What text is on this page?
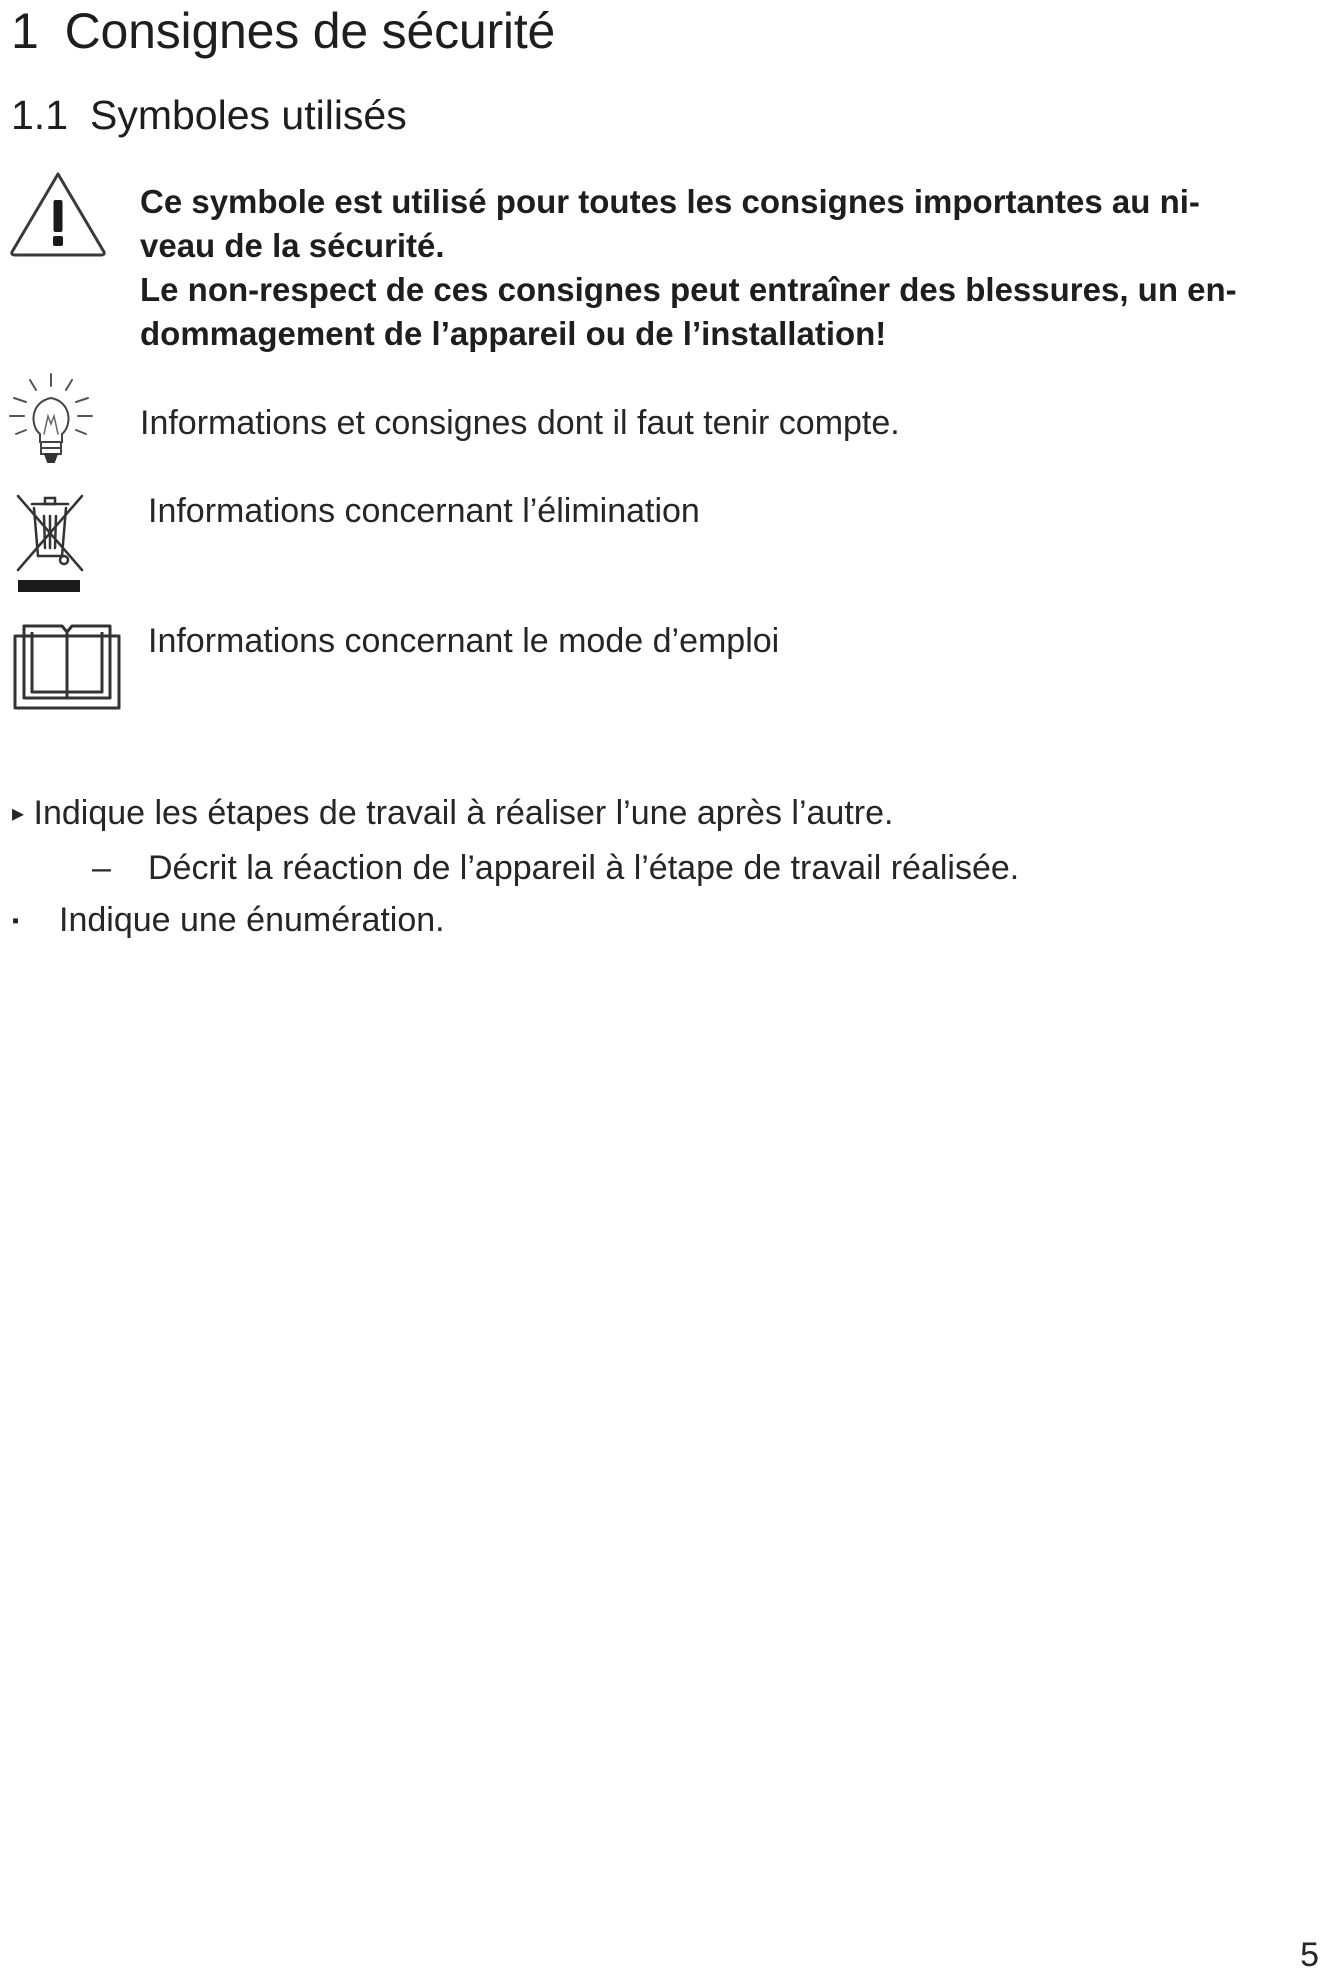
1 Consignes de sécurité
1.1 Symboles utilisés

Ce symbole est utilisé pour toutes les consignes importantes au ni-

veau de la sécurité.

Le non-respect de ces consignes peut entraîner des blessures, un en-

dommagement de l’appareil ou de l’installation!

Informations et consignes dont il faut tenir compte.
Informations concernant l’élimination
Informations concernant le mode d’emploi
▸ Indique les étapes de travail à réaliser l’une après l’autre.
– Décrit la réaction de l’appareil à l’étape de travail réalisée.
▪ Indique une énumération.
5
